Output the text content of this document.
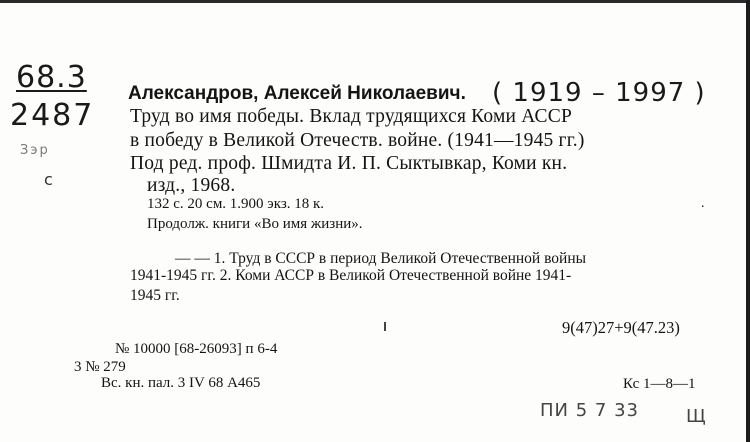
68.3
2487
Зэр
с
Александров, Алексей Николаевич. ( 1919 – 1997 )
Труд во имя победы. Вклад трудящихся Коми АССР
в победу в Великой Отечеств. войне. (1941—1945 гг.)
Под ред. проф. Шмидта И. П. Сыктывкар, Коми кн.
изд., 1968.
132 с. 20 см. 1.900 экз. 18 к.
Продолж. книги «Во имя жизни».
.
— — 1. Труд в СССР в период Великой Отечественной войны
1941-1945 гг. 2. Коми АССР в Великой Отечественной войне 1941-
1945 гг.
9(47)27+9(47.23)
№ 10000 [68-26093] п 6-4
3 № 279
Вс. кн. пал. 3 IV 68 А465	Кс 1—8—1
ПИ 5 7 33	Щ
